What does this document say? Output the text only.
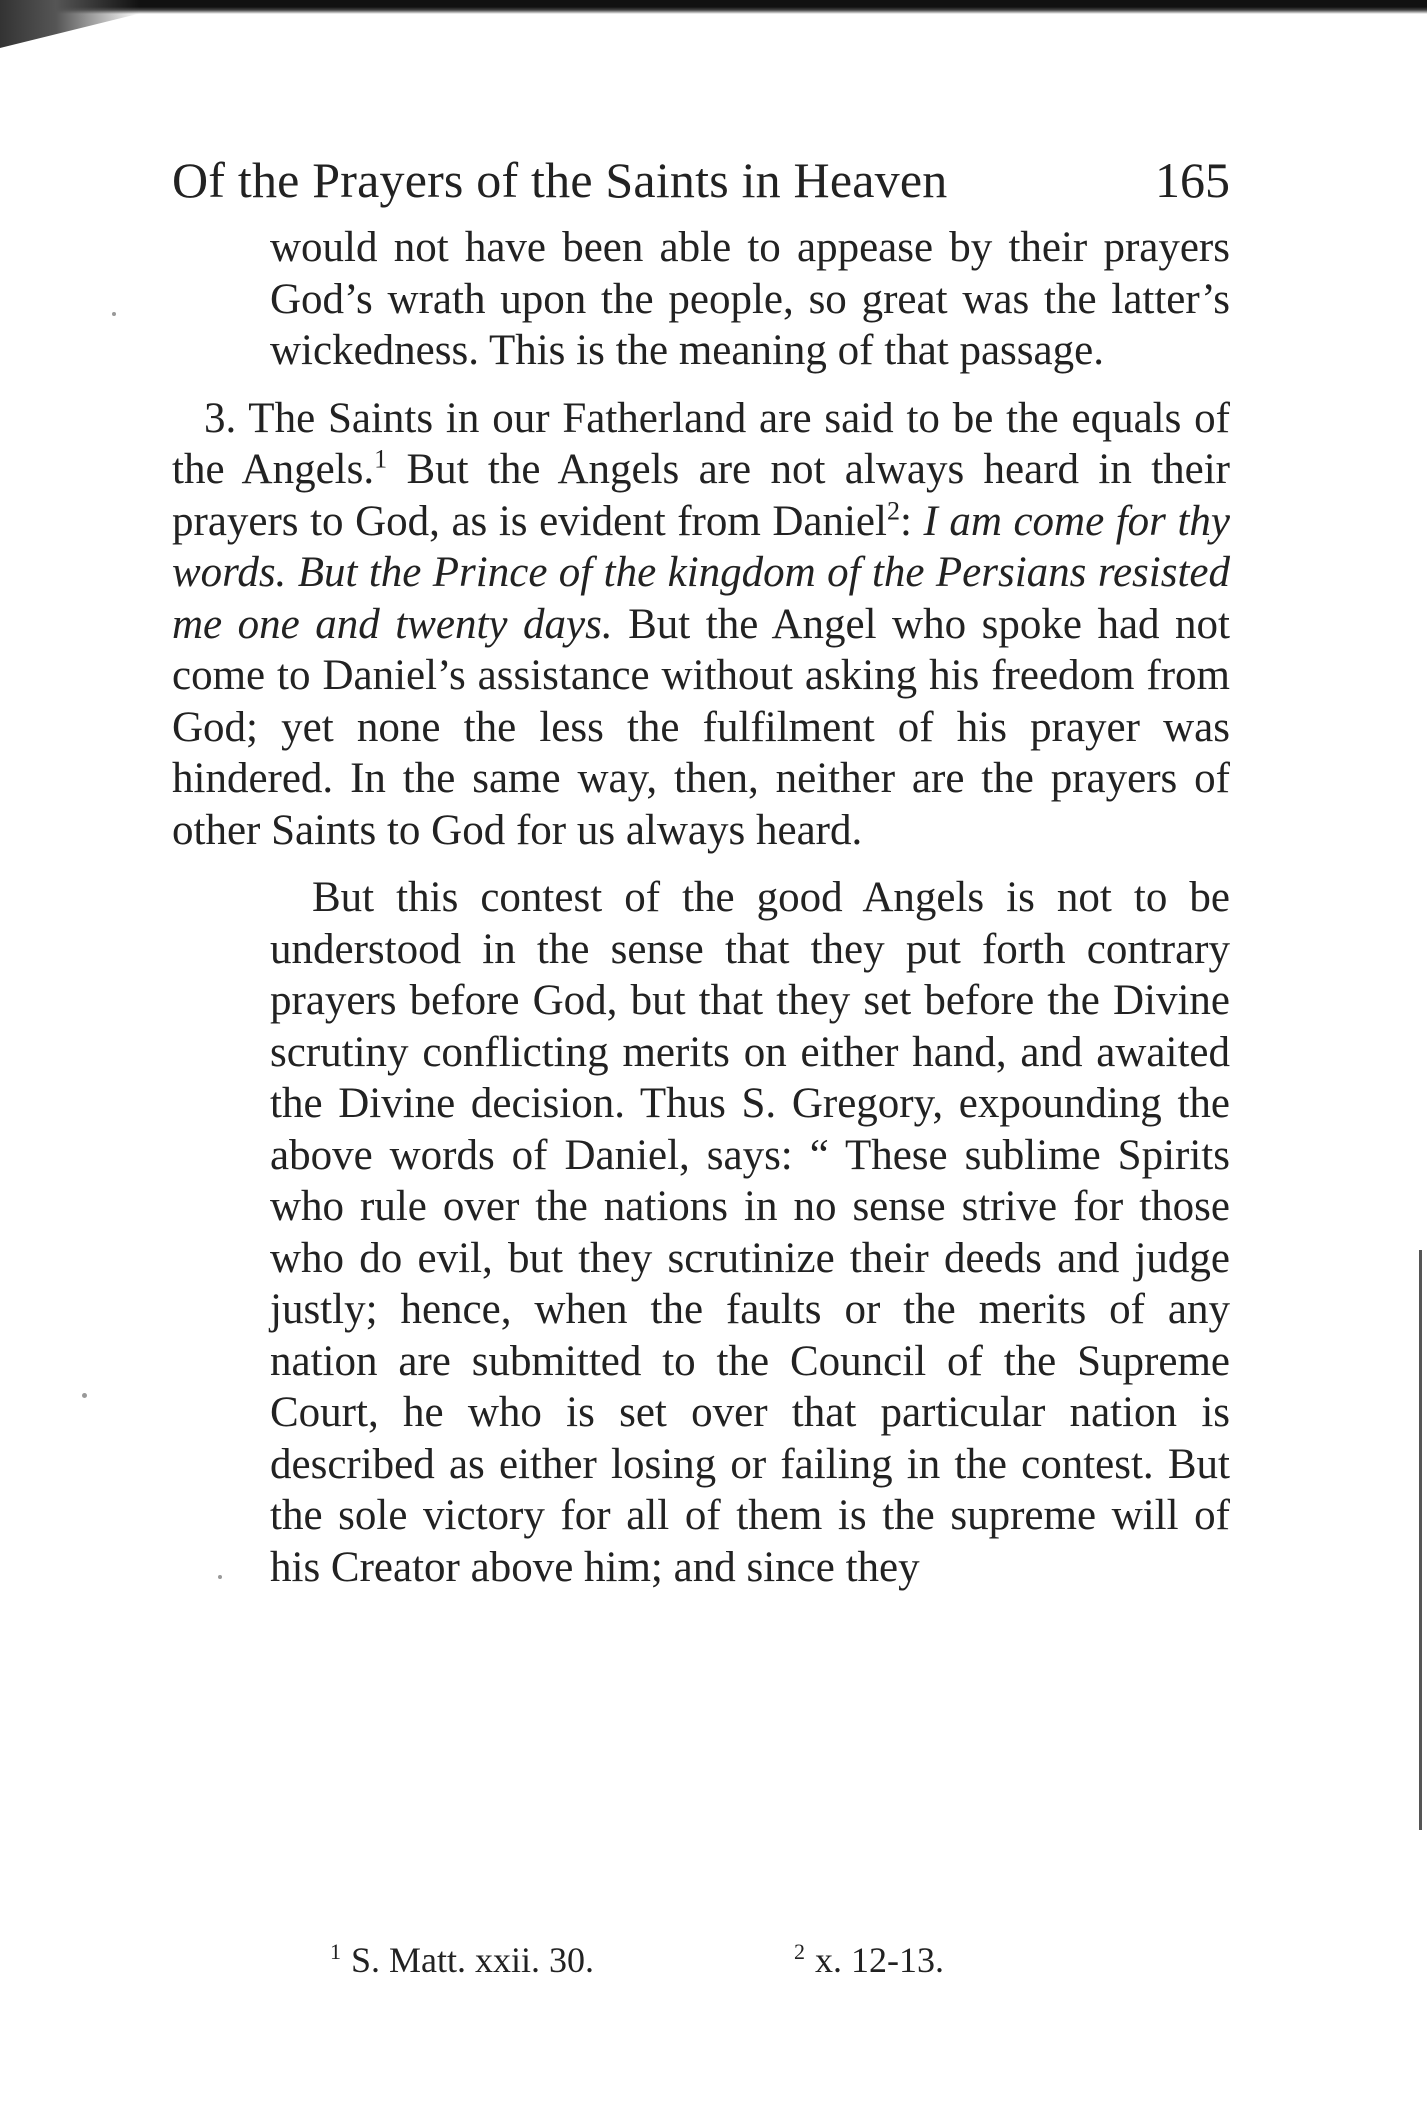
Of the Prayers of the Saints in Heaven	165

would not have been able to appease by their prayers God’s wrath upon the people, so great was the latter’s wickedness. This is the meaning of that passage.

3. The Saints in our Fatherland are said to be the equals of the Angels.$^1$ But the Angels are not always heard in their prayers to God, as is evident from Daniel$^2$: I am come for thy words. But the Prince of the kingdom of the Persians resisted me one and twenty days. But the Angel who spoke had not come to Daniel’s assistance without asking his freedom from God; yet none the less the fulfilment of his prayer was hindered. In the same way, then, neither are the prayers of other Saints to God for us always heard.

But this contest of the good Angels is not to be understood in the sense that they put forth contrary prayers before God, but that they set before the Divine scrutiny conflicting merits on either hand, and awaited the Divine decision. Thus S. Gregory, expounding the above words of Daniel, says: “ These sublime Spirits who rule over the nations in no sense strive for those who do evil, but they scrutinize their deeds and judge justly; hence, when the faults or the merits of any nation are submitted to the Council of the Supreme Court, he who is set over that particular nation is described as either losing or failing in the contest. But the sole victory for all of them is the supreme will of his Creator above him; and since they

$^1$ S. Matt. xxii. 30.	$^2$ x. 12-13.
